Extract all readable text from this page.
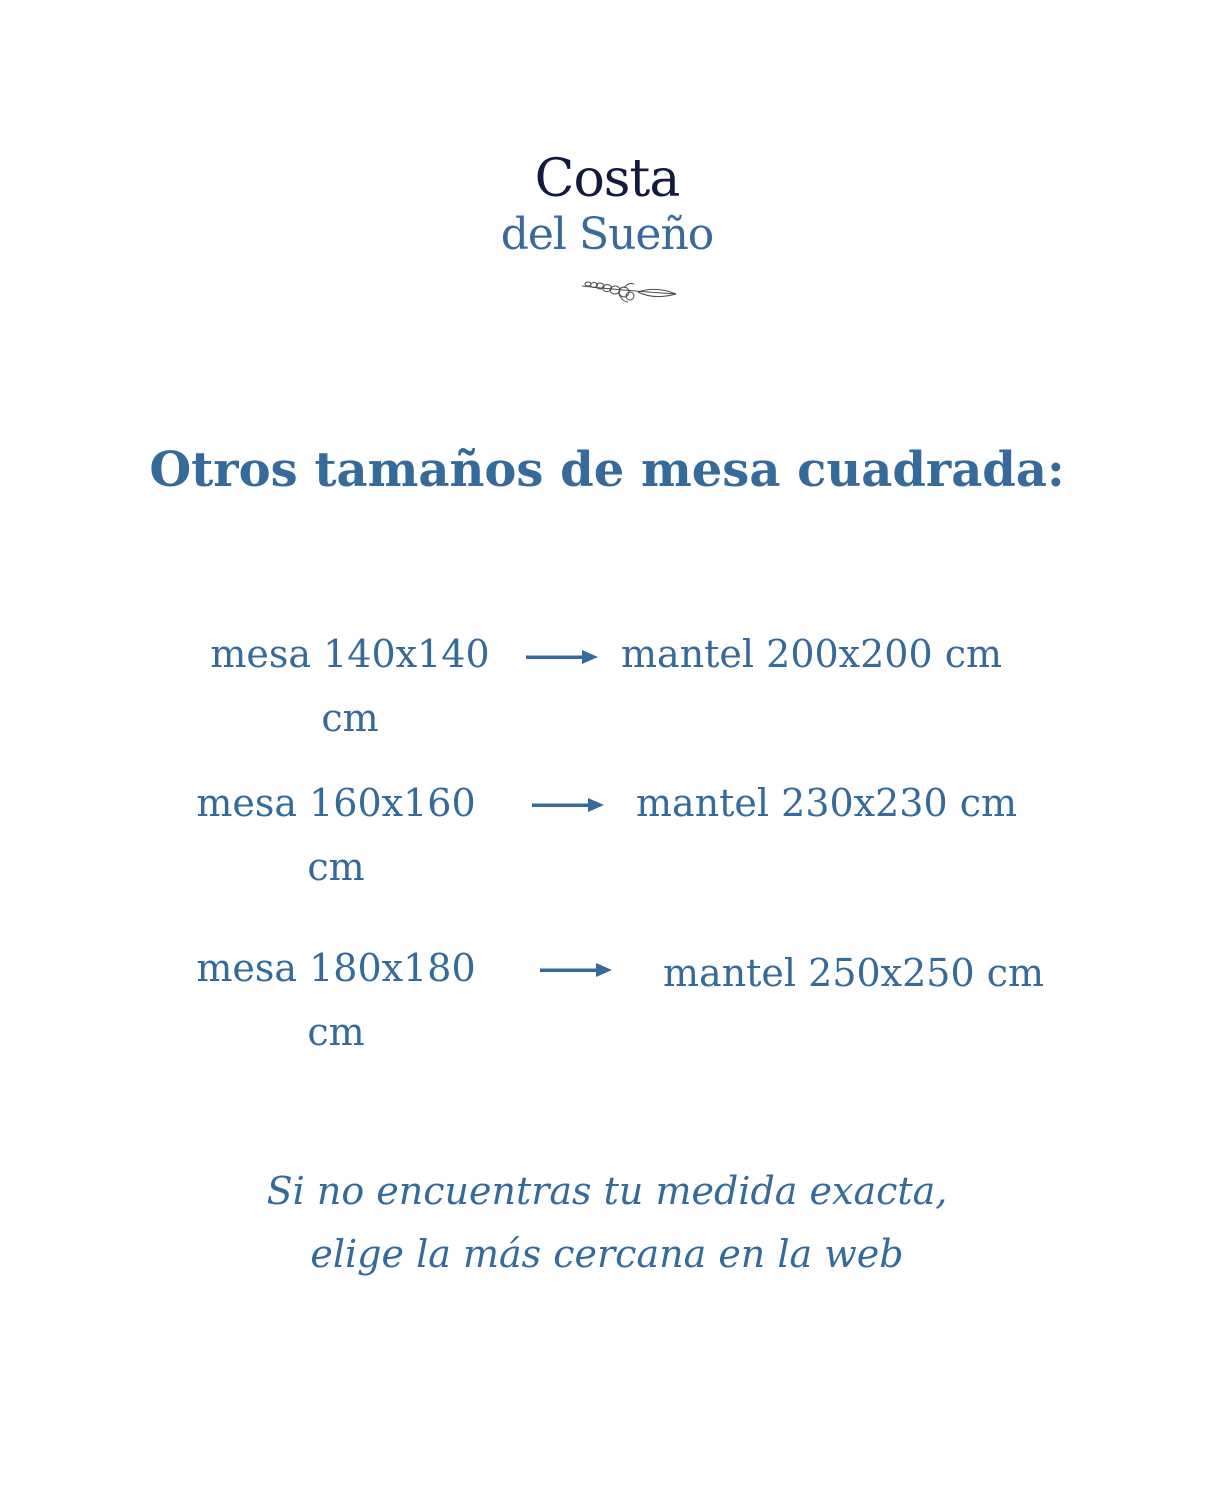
Costa
del Sueño
Otros tamaños de mesa cuadrada:
mesa 140x140 cm
mantel 200x200 cm
mesa 160x160 cm
mantel 230x230 cm
mesa 180x180 cm
mantel 250x250 cm
Si no encuentras tu medida exacta,
elige la más cercana en la web
